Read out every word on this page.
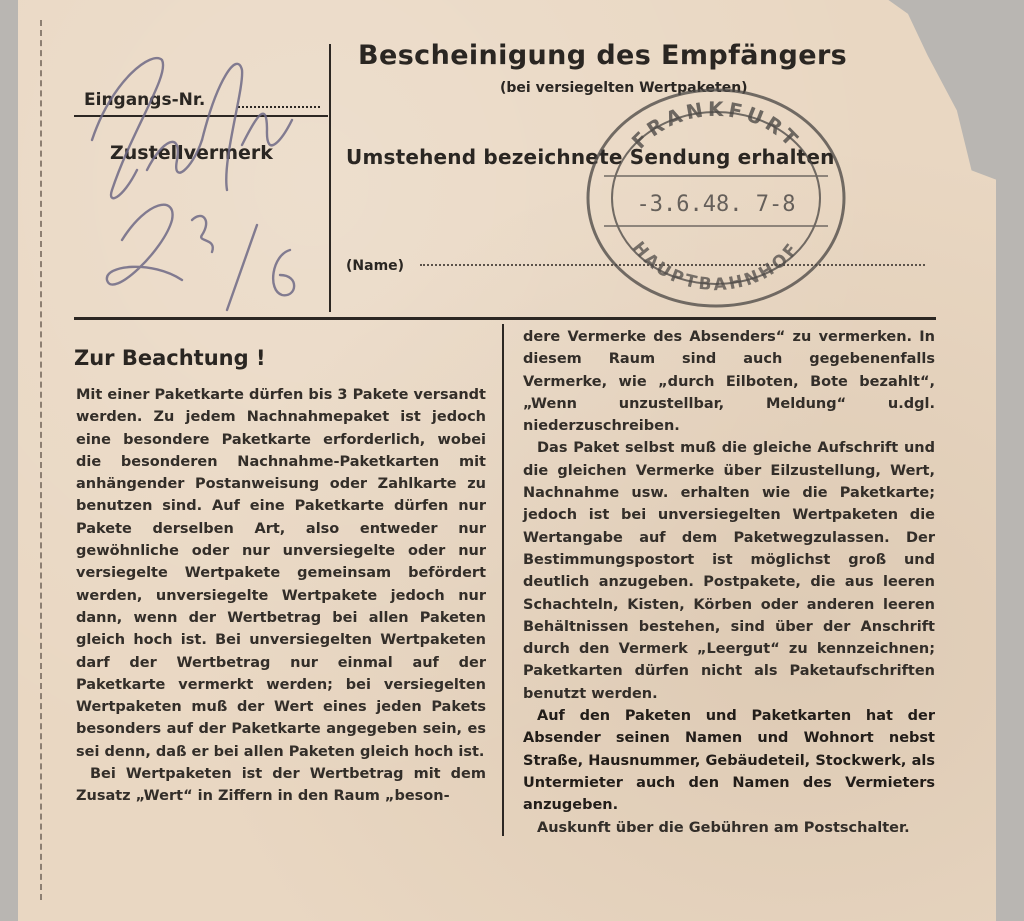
Bescheinigung des Empfängers
(bei versiegelten Wertpaketen)
Eingangs-Nr.
Zustellvermerk	Umstehend bezeichnete Sendung erhalten
(Name)
3/6
FRANKFURT
-3.6.48. 7-8
HAUPTBAHNHOF
Zur Beachtung !

Mit einer Paketkarte dürfen bis 3 Pakete versandt werden. Zu jedem Nachnahmepaket ist jedoch eine besondere Paketkarte erforderlich, wobei die besonderen Nachnahme-Paketkarten mit anhängender Postanweisung oder Zahlkarte zu benutzen sind. Auf eine Paketkarte dürfen nur Pakete derselben Art, also entweder nur gewöhnliche oder nur unversiegelte oder nur versiegelte Wertpakete gemeinsam befördert werden, unversiegelte Wertpakete jedoch nur dann, wenn der Wertbetrag bei allen Paketen gleich hoch ist. Bei unversiegelten Wertpaketen darf der Wertbetrag nur einmal auf der Paketkarte vermerkt werden; bei versiegelten Wertpaketen muß der Wert eines jeden Pakets besonders auf der Paketkarte angegeben sein, es sei denn, daß er bei allen Paketen gleich hoch ist.

Bei Wertpaketen ist der Wertbetrag mit dem Zusatz „Wert“ in Ziffern in den Raum „beson-

dere Vermerke des Absenders“ zu vermerken. In diesem Raum sind auch gegebenenfalls Vermerke, wie „durch Eilboten, Bote bezahlt“, „Wenn unzustellbar, Meldung“ u.dgl. niederzuschreiben.

Das Paket selbst muß die gleiche Aufschrift und die gleichen Vermerke über Eilzustellung, Wert, Nachnahme usw. erhalten wie die Paketkarte; jedoch ist bei unversiegelten Wertpaketen die Wertangabe auf dem Paketwegzulassen. Der Bestimmungspostort ist möglichst groß und deutlich anzugeben. Postpakete, die aus leeren Schachteln, Kisten, Körben oder anderen leeren Behältnissen bestehen, sind über der Anschrift durch den Vermerk „Leergut“ zu kennzeichnen; Paketkarten dürfen nicht als Paketaufschriften benutzt werden.

Auf den Paketen und Paketkarten hat der Absender seinen Namen und Wohnort nebst Straße, Hausnummer, Gebäudeteil, Stockwerk, als Untermieter auch den Namen des Vermieters anzugeben.

Auskunft über die Gebühren am Postschalter.
